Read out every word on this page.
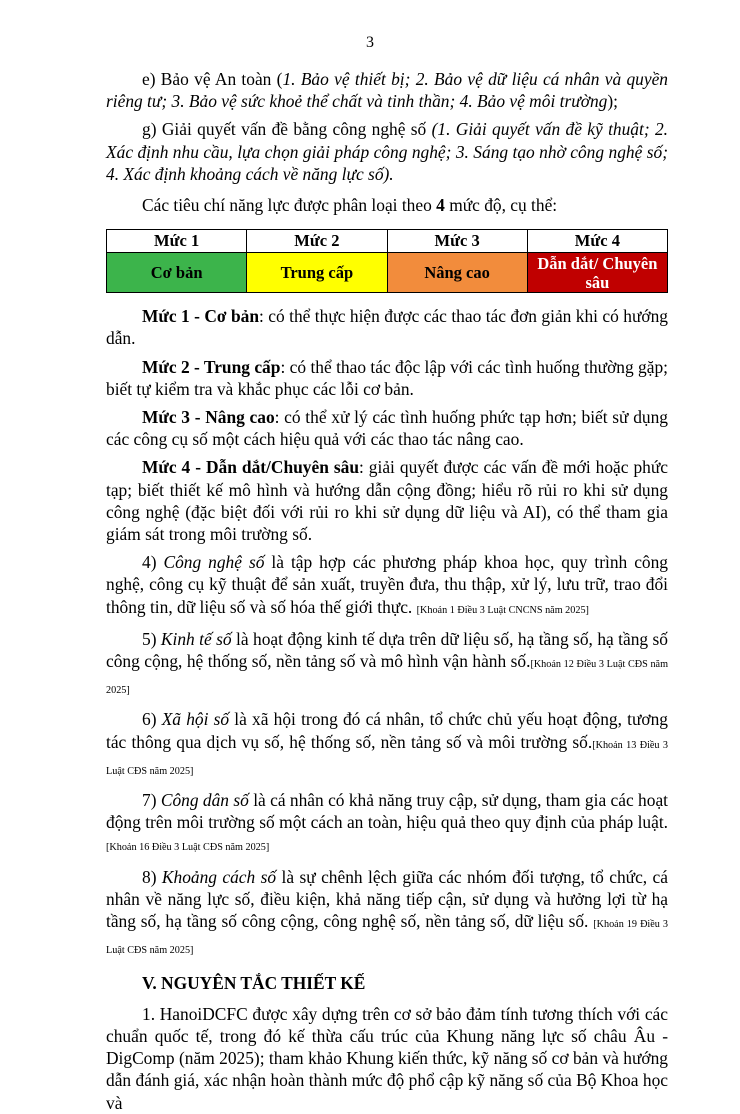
3

e) Bảo vệ An toàn (1. Bảo vệ thiết bị; 2. Bảo vệ dữ liệu cá nhân và quyền riêng tư; 3. Bảo vệ sức khoẻ thể chất và tinh thần; 4. Bảo vệ môi trường);

g) Giải quyết vấn đề bằng công nghệ số (1. Giải quyết vấn đề kỹ thuật; 2. Xác định nhu cầu, lựa chọn giải pháp công nghệ; 3. Sáng tạo nhờ công nghệ số; 4. Xác định khoảng cách về năng lực số).

Các tiêu chí năng lực được phân loại theo 4 mức độ, cụ thể:

Mức 1	Mức 2	Mức 3	Mức 4
Cơ bản	Trung cấp	Nâng cao	Dẫn dắt/ Chuyên sâu

Mức 1 - Cơ bản: có thể thực hiện được các thao tác đơn giản khi có hướng dẫn.

Mức 2 - Trung cấp: có thể thao tác độc lập với các tình huống thường gặp; biết tự kiểm tra và khắc phục các lỗi cơ bản.

Mức 3 - Nâng cao: có thể xử lý các tình huống phức tạp hơn; biết sử dụng các công cụ số một cách hiệu quả với các thao tác nâng cao.

Mức 4 - Dẫn dắt/Chuyên sâu: giải quyết được các vấn đề mới hoặc phức tạp; biết thiết kế mô hình và hướng dẫn cộng đồng; hiểu rõ rủi ro khi sử dụng công nghệ (đặc biệt đối với rủi ro khi sử dụng dữ liệu và AI), có thể tham gia giám sát trong môi trường số.

4) Công nghệ số là tập hợp các phương pháp khoa học, quy trình công nghệ, công cụ kỹ thuật để sản xuất, truyền đưa, thu thập, xử lý, lưu trữ, trao đổi thông tin, dữ liệu số và số hóa thế giới thực. [Khoản 1 Điều 3 Luật CNCNS năm 2025]

5) Kinh tế số là hoạt động kinh tế dựa trên dữ liệu số, hạ tầng số, hạ tầng số công cộng, hệ thống số, nền tảng số và mô hình vận hành số.[Khoản 12 Điều 3 Luật CĐS năm 2025]

6) Xã hội số là xã hội trong đó cá nhân, tổ chức chủ yếu hoạt động, tương tác thông qua dịch vụ số, hệ thống số, nền tảng số và môi trường số.[Khoản 13 Điều 3 Luật CĐS năm 2025]

7) Công dân số là cá nhân có khả năng truy cập, sử dụng, tham gia các hoạt động trên môi trường số một cách an toàn, hiệu quả theo quy định của pháp luật. [Khoản 16 Điều 3 Luật CĐS năm 2025]

8) Khoảng cách số là sự chênh lệch giữa các nhóm đối tượng, tổ chức, cá nhân về năng lực số, điều kiện, khả năng tiếp cận, sử dụng và hưởng lợi từ hạ tầng số, hạ tầng số công cộng, công nghệ số, nền tảng số, dữ liệu số. [Khoản 19 Điều 3 Luật CĐS năm 2025]

V. NGUYÊN TẮC THIẾT KẾ

1. HanoiDCFC được xây dựng trên cơ sở bảo đảm tính tương thích với các chuẩn quốc tế, trong đó kế thừa cấu trúc của Khung năng lực số châu Âu - DigComp (năm 2025); tham khảo Khung kiến thức, kỹ năng số cơ bản và hướng dẫn đánh giá, xác nhận hoàn thành mức độ phổ cập kỹ năng số của Bộ Khoa học và
